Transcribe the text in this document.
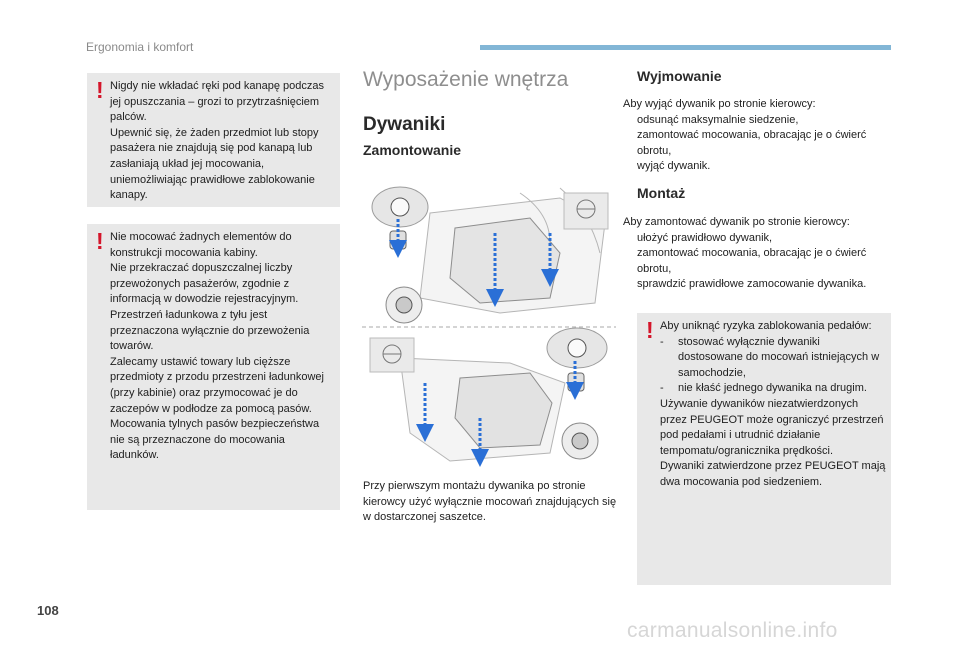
Ergonomia i komfort
! Nigdy nie wkładać ręki pod kanapę podczas jej opuszczania – grozi to przytrzaśnięciem palców.

Upewnić się, że żaden przedmiot lub stopy pasażera nie znajdują się pod kanapą lub zasłaniają układ jej mocowania, uniemożliwiając prawidłowe zablokowanie kanapy.

! Nie mocować żadnych elementów do konstrukcji mocowania kabiny.

Nie przekraczać dopuszczalnej liczby przewożonych pasażerów, zgodnie z informacją w dowodzie rejestracyjnym.

Przestrzeń ładunkowa z tyłu jest przeznaczona wyłącznie do przewożenia towarów.

Zalecamy ustawić towary lub cięższe przedmioty z przodu przestrzeni ładunkowej (przy kabinie) oraz przymocować je do zaczepów w podłodze za pomocą pasów.

Mocowania tylnych pasów bezpieczeństwa nie są przeznaczone do mocowania ładunków.

Wyposażenie wnętrza
Dywaniki
Zamontowanie

Przy pierwszym montażu dywanika po stronie kierowcy użyć wyłącznie mocowań znajdujących się w dostarczonej saszetce.

Wyjmowanie

Aby wyjąć dywanik po stronie kierowcy:

odsunąć maksymalnie siedzenie,
zamontować mocowania, obracając je o ćwierć obrotu,
wyjąć dywanik.
Montaż

Aby zamontować dywanik po stronie kierowcy:

ułożyć prawidłowo dywanik,
zamontować mocowania, obracając je o ćwierć obrotu,
sprawdzić prawidłowe zamocowanie dywanika.
! Aby uniknąć ryzyka zablokowania pedałów:

-	stosować wyłącznie dywaniki dostosowane do mocowań istniejących w samochodzie,
-	nie kłaść jednego dywanika na drugim.

Używanie dywaników niezatwierdzonych przez PEUGEOT może ograniczyć przestrzeń pod pedałami i utrudnić działanie tempomatu/ogranicznika prędkości.

Dywaniki zatwierdzone przez PEUGEOT mają dwa mocowania pod siedzeniem.

108
carmanualsonline.info
